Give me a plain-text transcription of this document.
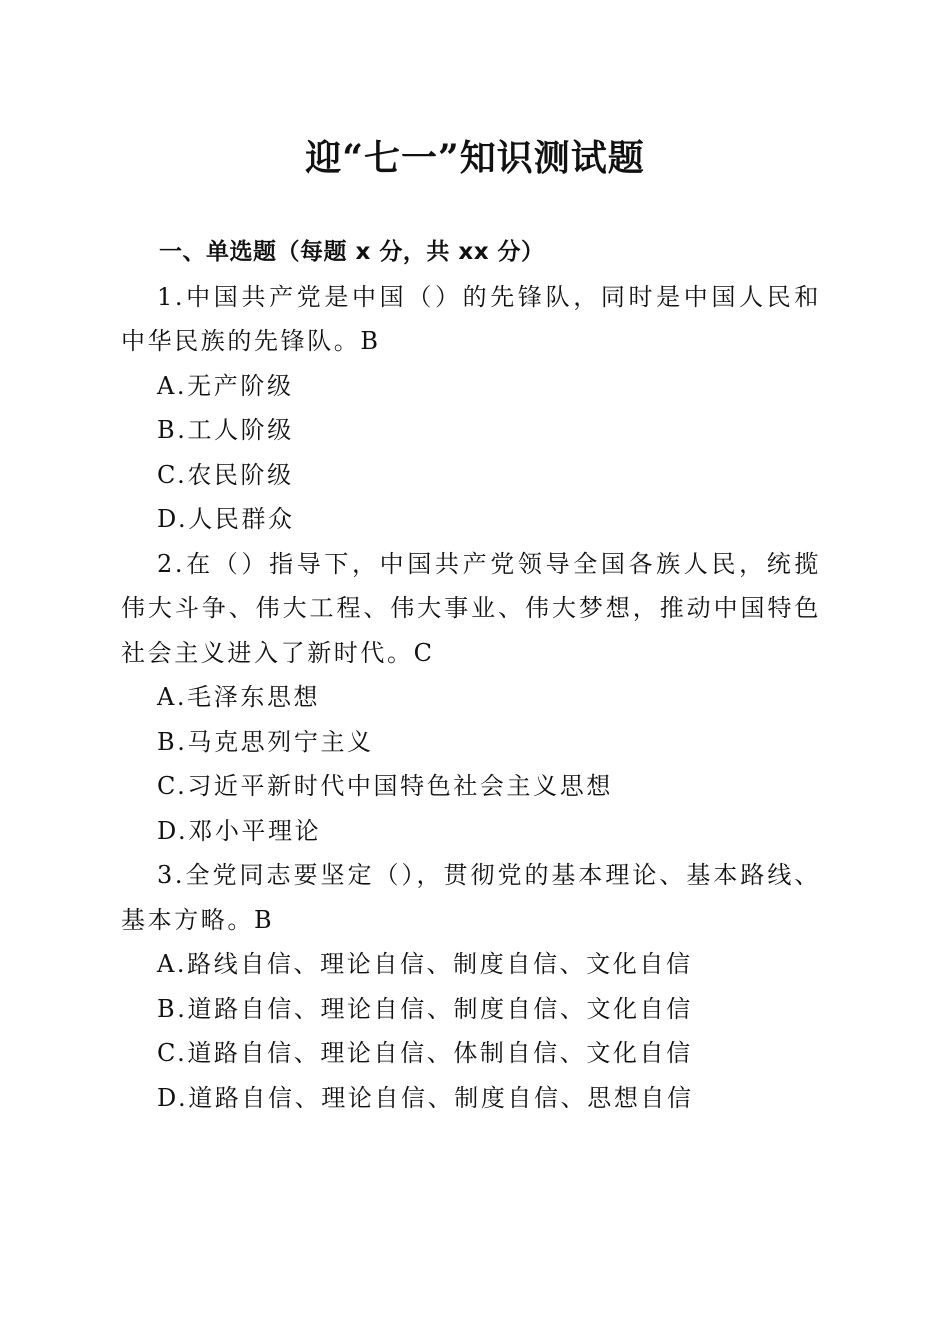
迎“七一”知识测试题
一、单选题（每题 x 分，共 xx 分）
1.中国共产党是中国（）的先锋队，同时是中国人民和中华民族的先锋队。B
A.无产阶级
B.工人阶级
C.农民阶级
D.人民群众
2.在（）指导下，中国共产党领导全国各族人民，统揽伟大斗争、伟大工程、伟大事业、伟大梦想，推动中国特色社会主义进入了新时代。C
A.毛泽东思想
B.马克思列宁主义
C.习近平新时代中国特色社会主义思想
D.邓小平理论
3.全党同志要坚定（），贯彻党的基本理论、基本路线、基本方略。B
A.路线自信、理论自信、制度自信、文化自信
B.道路自信、理论自信、制度自信、文化自信
C.道路自信、理论自信、体制自信、文化自信
D.道路自信、理论自信、制度自信、思想自信
